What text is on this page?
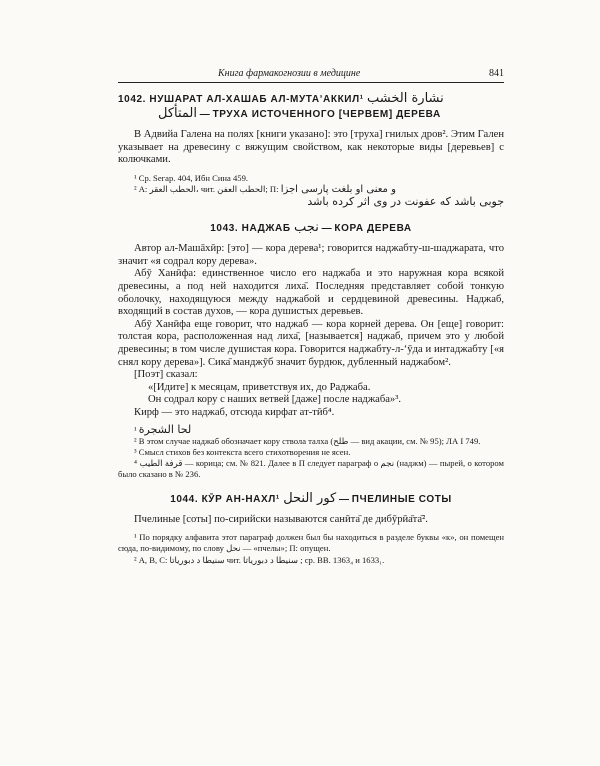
Книга фармакогнозии в медицине	841
1042. НУШАРАТ АЛ-ХАШАБ АЛ-МУТАʼАККИЛ¹ نشارة الخشب
المتأكل — ТРУХА ИСТОЧЕННОГО [ЧЕРВЕМ] ДЕРЕВА

В Адвийа Галена на полях [книги указано]: это [труха] гнилых дров². Этим Гален указывает на древесину с вяжущим свойством, как некоторые виды [деревьев] с колючками.

¹ Ср. Seгар. 404, Ибн Сина 459.

² А: الحطب العقر، чит. الحطب العفن; П: و معنی او بلغت پارسی اجزا
جوبی باشد که عفونت در وی اثر کرده باشد
1043. НАДЖАБ نجب — КОРА ДЕРЕВА

Автор ал-Машāхӣр: [это] — кора дерева¹; говорится наджабту-ш-шаджарата, что значит «я содрал кору дерева».

Абӯ Ханӣфа: единственное число его наджаба и это наружная кора всякой древесины, а под ней находится лиха̄. Последняя представляет собой тонкую оболочку, находящуюся между наджабой и сердцевиной древесины. Наджаб, входящий в состав духов, — кора душистых деревьев.

Абӯ Ханӣфа еще говорит, что наджаб — кора корней дерева. Он [еще] говорит: толстая кора, расположенная над лиха̄, [называется] наджаб, причем это у любой древесины; в том числе душистая кора. Говорится наджабту-л-ʻӯда и интаджабту [«я снял кору дерева»]. Сика̄ манджӯб значит бурдюк, дубленный наджабом².

[Поэт] сказал:

«[Идите] к месяцам, приветствуя их, до Раджаба.
Он содрал кору с наших ветвей [даже] после наджаба»³.

Кирф — это наджаб, отсюда кирфат ат-тӣб⁴.

¹ لحا الشجرة

² В этом случае наджаб обозначает кору ствола талха (طلح — вид акации, см. № 95); ЛА I 749.

³ Смысл стихов без контекста всего стихотворения не ясен.

⁴ قرفة الطيب — корица; см. № 821. Далее в П следует параграф о نجم (наджм) — пырей, о котором было сказано в № 236.

1044. КӮР АН-НАХЛ¹ كور النحل — ПЧЕЛИНЫЕ СОТЫ

Пчелиные [соты] по-сирийски называются санӣта̄ де дибӯрӣа̄та̄².

¹ По порядку алфавита этот параграф должен был бы находиться в разделе буквы «к», он помещен сюда, по-видимому, по слову نحل — «пчелы»; П: опущен.

² А, В, С: سنیطا د دبوریاتا чит. سنیطا د دبوریاتا ; ср. BB. 1363₄ и 1633₁.
